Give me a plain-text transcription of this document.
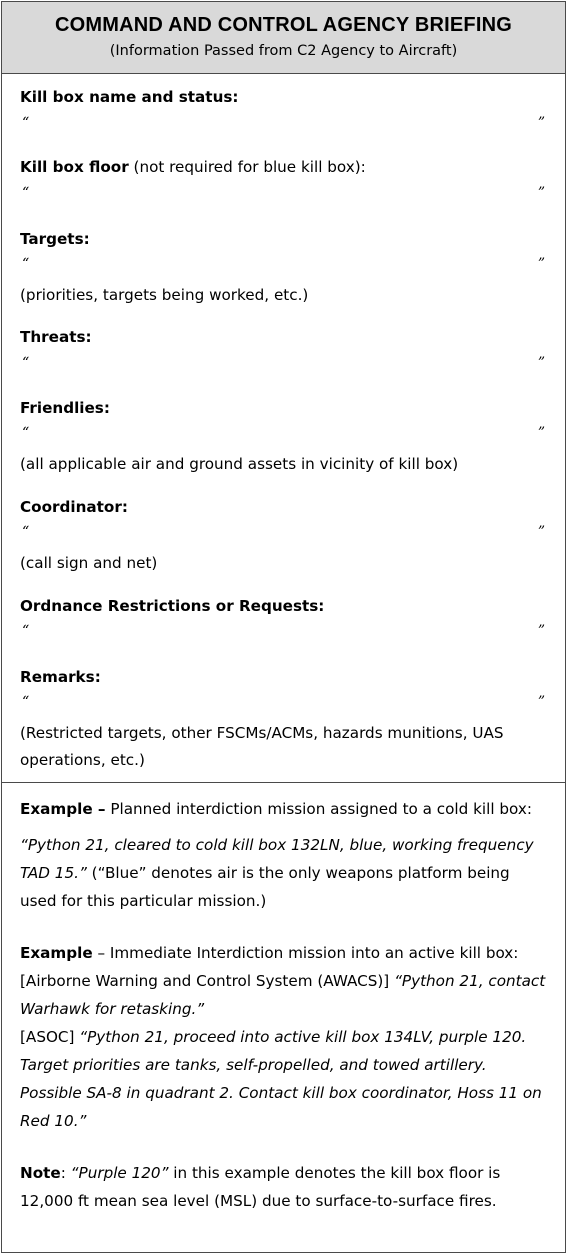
COMMAND AND CONTROL AGENCY BRIEFING
(Information Passed from C2 Agency to Aircraft)
Kill box name and status:
“	”
Kill box floor (not required for blue kill box):
“	”
Targets:
“	”
(priorities, targets being worked, etc.)
Threats:
“	”
Friendlies:
“	”
(all applicable air and ground assets in vicinity of kill box)
Coordinator:
“	”
(call sign and net)
Ordnance Restrictions or Requests:
“	”
Remarks:
“	”
(Restricted targets, other FSCMs/ACMs, hazards munitions, UAS
operations, etc.)

Example – Planned interdiction mission assigned to a cold kill box:

“Python 21, cleared to cold kill box 132LN, blue, working frequency TAD 15.” (“Blue” denotes air is the only weapons platform being used for this particular mission.)

Example – Immediate Interdiction mission into an active kill box: [Airborne Warning and Control System (AWACS)] “Python 21, contact Warhawk for retasking.”

[ASOC] “Python 21, proceed into active kill box 134LV, purple 120. Target priorities are tanks, self-propelled, and towed artillery. Possible SA-8 in quadrant 2. Contact kill box coordinator, Hoss 11 on Red 10.”

Note: “Purple 120” in this example denotes the kill box floor is 12,000 ft mean sea level (MSL) due to surface-to-surface fires.
